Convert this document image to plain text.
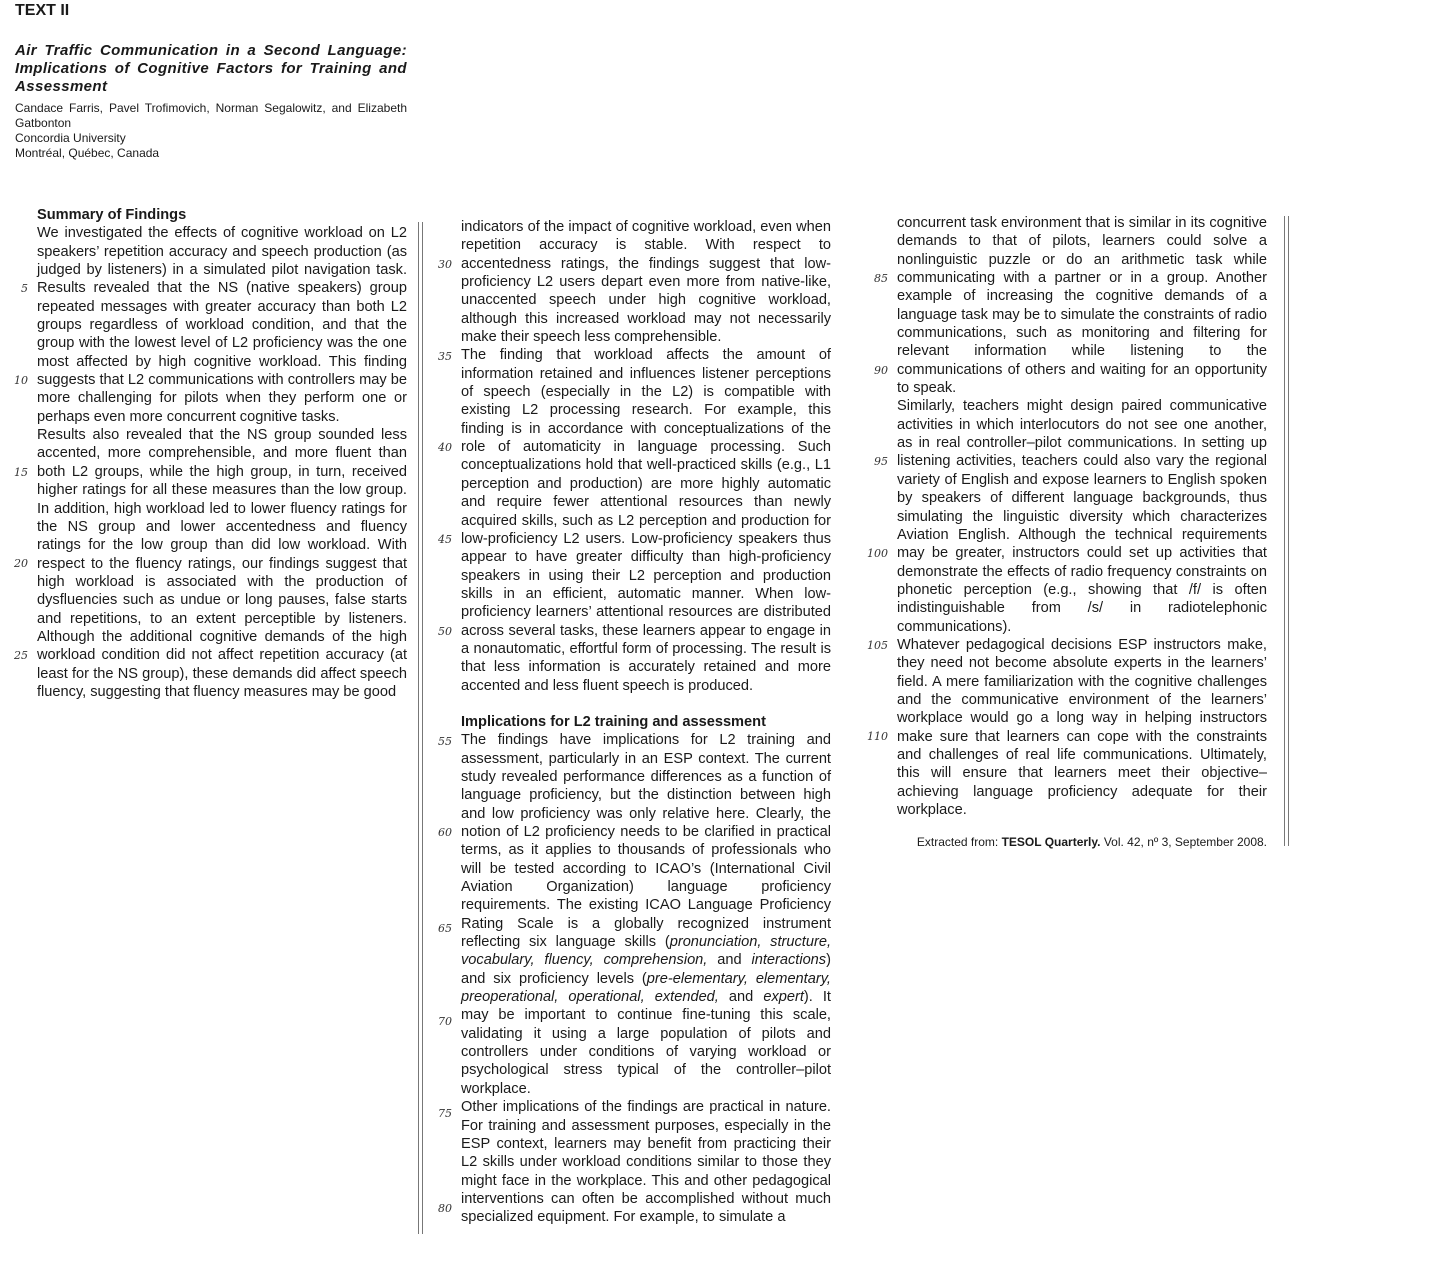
TEXT II
Air Traffic Communication in a Second Language: Implications of Cognitive Factors for Training and Assessment
Candace Farris, Pavel Trofimovich, Norman Segalowitz, and Elizabeth Gatbonton
Concordia University
Montréal, Québec, Canada
Summary of Findings

We investigated the effects of cognitive workload on L2 speakers’ repetition accuracy and speech production (as judged by listeners) in a simulated pilot navigation task. Results revealed that the NS (native speakers) group repeated messages with greater accuracy than both L2 groups regardless of workload condition, and that the group with the lowest level of L2 proficiency was the one most affected by high cognitive workload. This finding suggests that L2 communications with controllers may be more challenging for pilots when they perform one or perhaps even more concurrent cognitive tasks.

Results also revealed that the NS group sounded less accented, more comprehensible, and more fluent than both L2 groups, while the high group, in turn, received higher ratings for all these measures than the low group. In addition, high workload led to lower fluency ratings for the NS group and lower accentedness and fluency ratings for the low group than did low workload. With respect to the fluency ratings, our findings suggest that high workload is associated with the production of dysfluencies such as undue or long pauses, false starts and repetitions, to an extent perceptible by listeners. Although the additional cognitive demands of the high workload condition did not affect repetition accuracy (at least for the NS group), these demands did affect speech fluency, suggesting that fluency measures may be good

indicators of the impact of cognitive workload, even when repetition accuracy is stable. With respect to accentedness ratings, the findings suggest that low-proficiency L2 users depart even more from native-like, unaccented speech under high cognitive workload, although this increased workload may not necessarily make their speech less comprehensible.

The finding that workload affects the amount of information retained and influences listener perceptions of speech (especially in the L2) is compatible with existing L2 processing research. For example, this finding is in accordance with conceptualizations of the role of automaticity in language processing. Such conceptualizations hold that well-practiced skills (e.g., L1 perception and production) are more highly automatic and require fewer attentional resources than newly acquired skills, such as L2 perception and production for low-proficiency L2 users. Low-proficiency speakers thus appear to have greater difficulty than high-proficiency speakers in using their L2 perception and production skills in an efficient, automatic manner. When low-proficiency learners’ attentional resources are distributed across several tasks, these learners appear to engage in a nonautomatic, effortful form of processing. The result is that less information is accurately retained and more accented and less fluent speech is produced.

Implications for L2 training and assessment

The findings have implications for L2 training and assessment, particularly in an ESP context. The current study revealed performance differences as a function of language proficiency, but the distinction between high and low proficiency was only relative here. Clearly, the notion of L2 proficiency needs to be clarified in practical terms, as it applies to thousands of professionals who will be tested according to ICAO’s (International Civil Aviation Organization) language proficiency requirements. The existing ICAO Language Proficiency Rating Scale is a globally recognized instrument reflecting six language skills (pronunciation, structure, vocabulary, fluency, comprehension, and interactions) and six proficiency levels (pre-elementary, elementary, preoperational, operational, extended, and expert). It may be important to continue fine-tuning this scale, validating it using a large population of pilots and controllers under conditions of varying workload or psychological stress typical of the controller–pilot workplace.

Other implications of the findings are practical in nature. For training and assessment purposes, especially in the ESP context, learners may benefit from practicing their L2 skills under workload conditions similar to those they might face in the workplace. This and other pedagogical interventions can often be accomplished without much specialized equipment. For example, to simulate a

concurrent task environment that is similar in its cognitive demands to that of pilots, learners could solve a nonlinguistic puzzle or do an arithmetic task while communicating with a partner or in a group. Another example of increasing the cognitive demands of a language task may be to simulate the constraints of radio communications, such as monitoring and filtering for relevant information while listening to the communications of others and waiting for an opportunity to speak.

Similarly, teachers might design paired communicative activities in which interlocutors do not see one another, as in real controller–pilot communications. In setting up listening activities, teachers could also vary the regional variety of English and expose learners to English spoken by speakers of different language backgrounds, thus simulating the linguistic diversity which characterizes Aviation English. Although the technical requirements may be greater, instructors could set up activities that demonstrate the effects of radio frequency constraints on phonetic perception (e.g., showing that /f/ is often indistinguishable from /s/ in radiotelephonic communications).

Whatever pedagogical decisions ESP instructors make, they need not become absolute experts in the learners’ field. A mere familiarization with the cognitive challenges and the communicative environment of the learners’ workplace would go a long way in helping instructors make sure that learners can cope with the constraints and challenges of real life communications. Ultimately, this will ensure that learners meet their objective–achieving language proficiency adequate for their workplace.

Extracted from: TESOL Quarterly. Vol. 42, nº 3, September 2008.

5
10
15
20
25
30
35
40
45
50
55
60
65
70
75
80
85
90
95
100
105
110
